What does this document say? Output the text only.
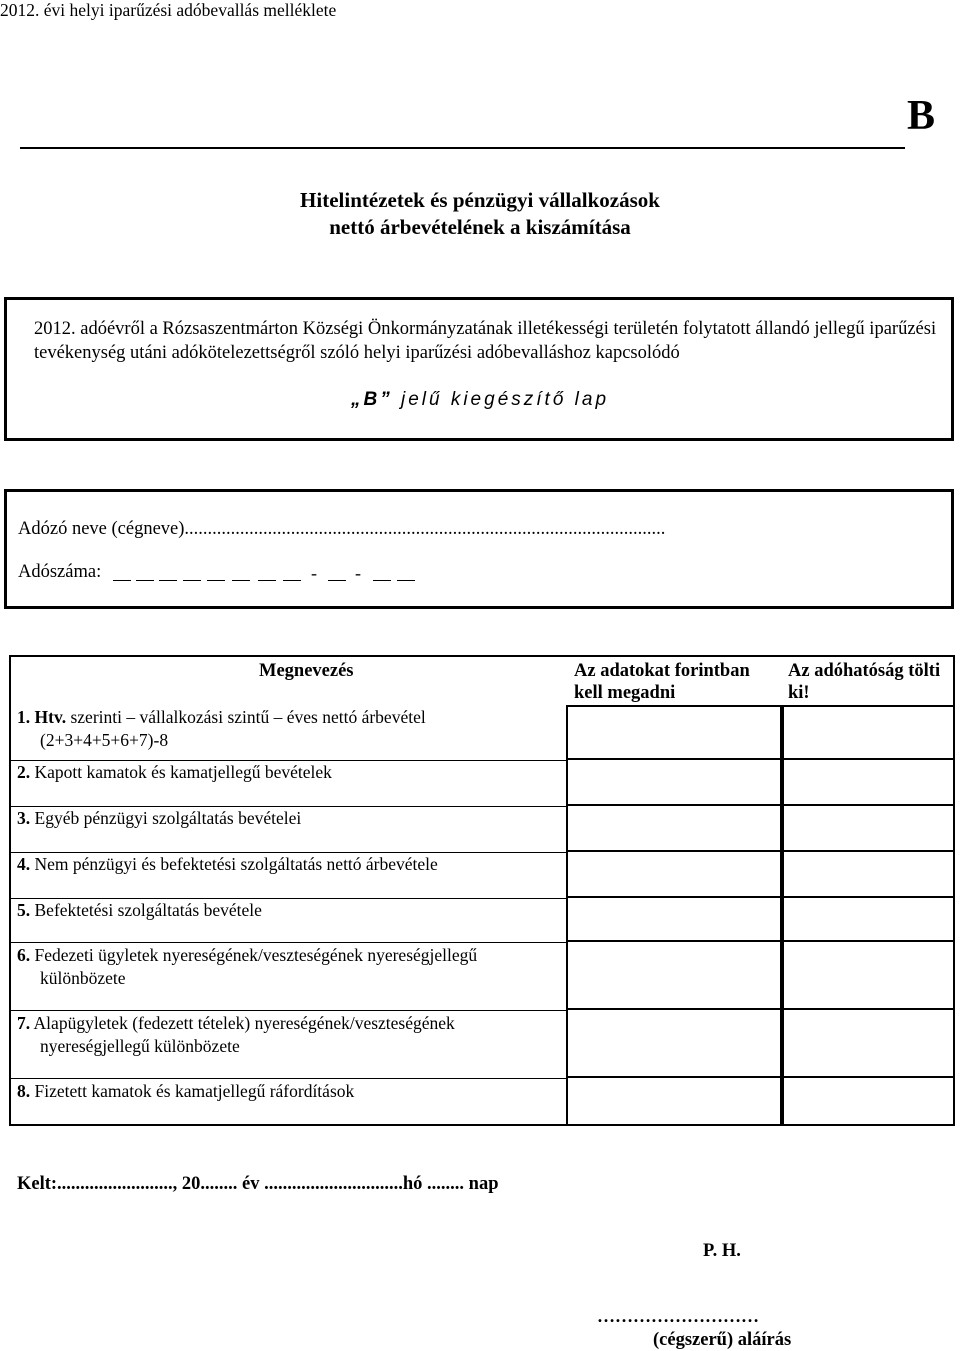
2012. évi helyi iparűzési adóbevallás melléklete
B
Hitelintézetek és pénzügyi vállalkozások
nettó árbevételének a kiszámítása
2012. adóévről a Rózsaszentmárton Községi Önkormányzatának illetékességi területén folytatott állandó jellegű iparűzési tevékenység utáni adókötelezettségről szóló helyi iparűzési adóbevalláshoz kapcsolódó
„B” jelű kiegészítő lap
Adózó neve (cégneve)........................................................................................................
Adószáma:	- -
Megnevezés	Az adatokat forintban kell megadni
Az adóhatóság tölti ki!
1. Htv. szerinti – vállalkozási szintű – éves nettó árbevétel
(2+3+4+5+6+7)-8
2. Kapott kamatok és kamatjellegű bevételek
3. Egyéb pénzügyi szolgáltatás bevételei
4. Nem pénzügyi és befektetési szolgáltatás nettó árbevétele
5. Befektetési szolgáltatás bevétele
6. Fedezeti ügyletek nyereségének/veszteségének nyereségjellegű
különbözete
7. Alapügyletek (fedezett tételek) nyereségének/veszteségének
nyereségjellegű különbözete
8. Fizetett kamatok és kamatjellegű ráfordítások
Kelt:........................., 20........ év ..............................hó ........ nap
P. H.
………………………
(cégszerű) aláírás
